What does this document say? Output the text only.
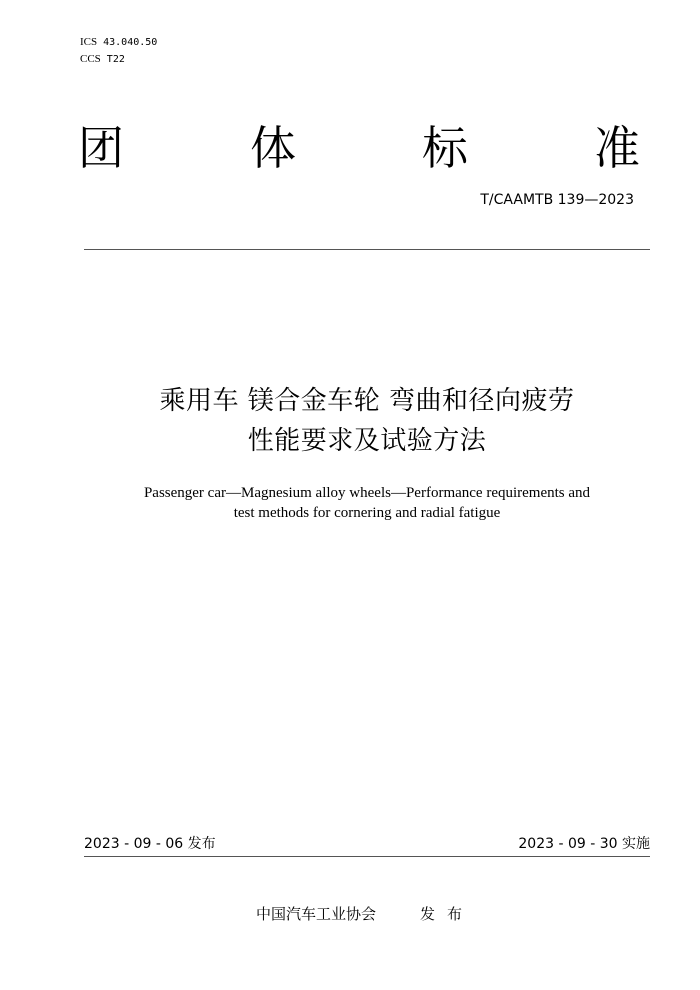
ICS 43.040.50
CCS T22
团	体	标	准
T/CAAMTB 139—2023
乘用车 镁合金车轮 弯曲和径向疲劳
性能要求及试验方法
Passenger car—Magnesium alloy wheels—Performance requirements and
test methods for cornering and radial fatigue
2023 - 09 - 06 发布	2023 - 09 - 30 实施
中国汽车工业协会	发布
